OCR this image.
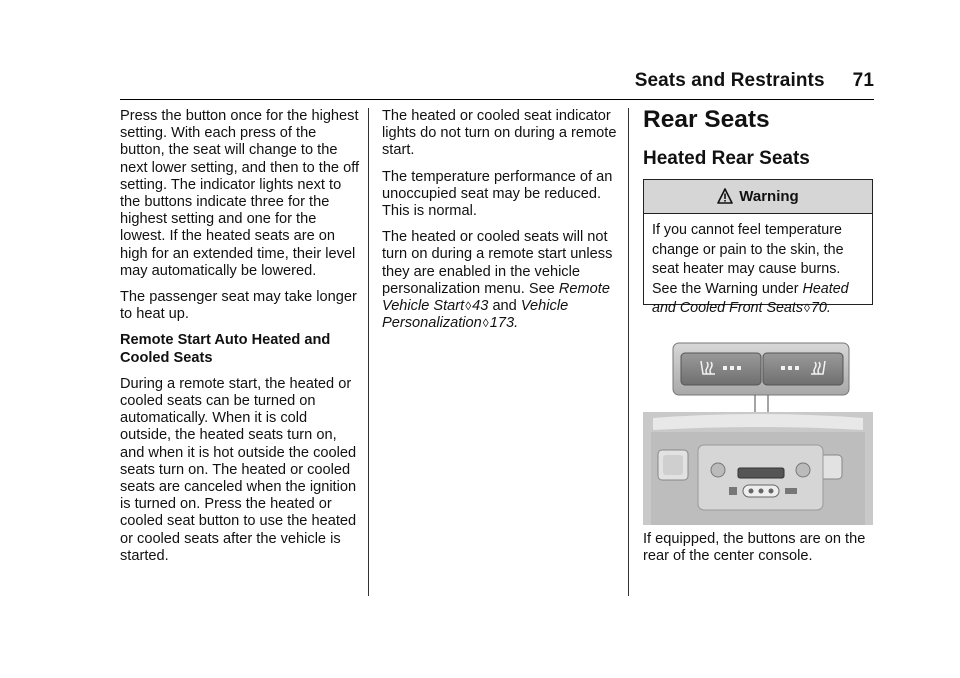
Seats and Restraints 71

Press the button once for the highest setting. With each press of the button, the seat will change to the next lower setting, and then to the off setting. The indicator lights next to the buttons indicate three for the highest setting and one for the lowest. If the heated seats are on high for an extended time, their level may automatically be lowered.

The passenger seat may take longer to heat up.

Remote Start Auto Heated and Cooled Seats

During a remote start, the heated or cooled seats can be turned on automatically. When it is cold outside, the heated seats turn on, and when it is hot outside the cooled seats turn on. The heated or cooled seats are canceled when the ignition is turned on. Press the heated or cooled seat button to use the heated or cooled seats after the vehicle is started.

The heated or cooled seat indicator lights do not turn on during a remote start.

The temperature performance of an unoccupied seat may be reduced. This is normal.

The heated or cooled seats will not turn on during a remote start unless they are enabled in the vehicle personalization menu. See Remote Vehicle Start◊43 and Vehicle Personalization◊173.

Rear Seats
Heated Rear Seats
Warning
If you cannot feel temperature change or pain to the skin, the seat heater may cause burns. See the Warning under Heated and Cooled Front Seats◊70.
If equipped, the buttons are on the rear of the center console.
